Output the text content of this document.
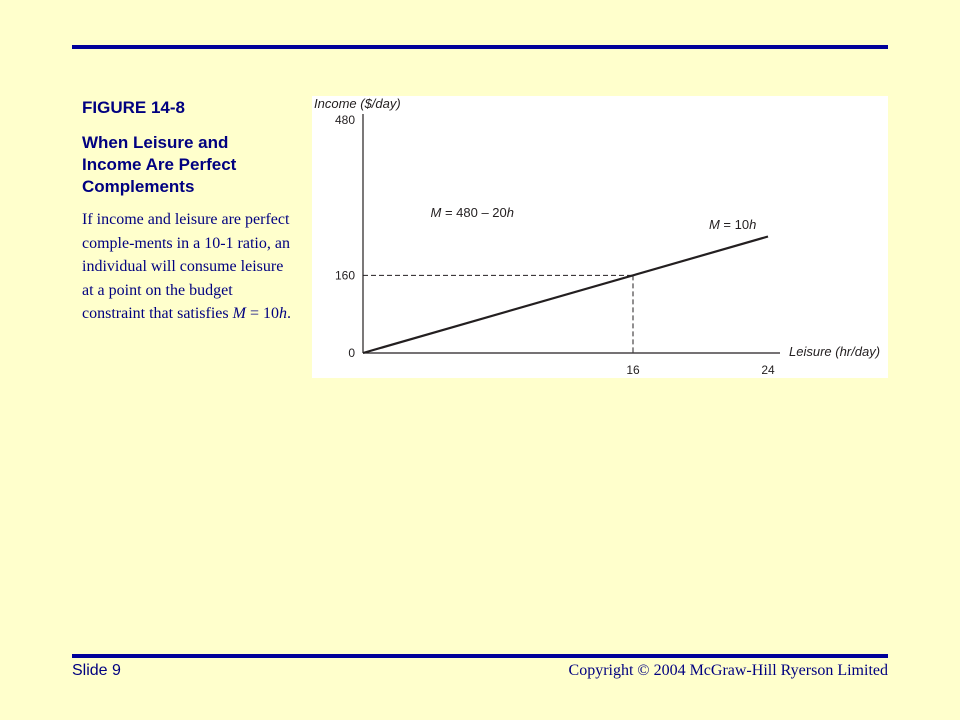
FIGURE 14-8
When Leisure and Income Are Perfect Complements
If income and leisure are perfect comple-ments in a 10-1 ratio, an individual will consume leisure at a point on the budget constraint that satisfies M = 10h.
Income ($/day)
Leisure (hr/day)
480
160
0
16	24
M = 480 – 20h
M = 10h
Slide 9	Copyright © 2004 McGraw-Hill Ryerson Limited
